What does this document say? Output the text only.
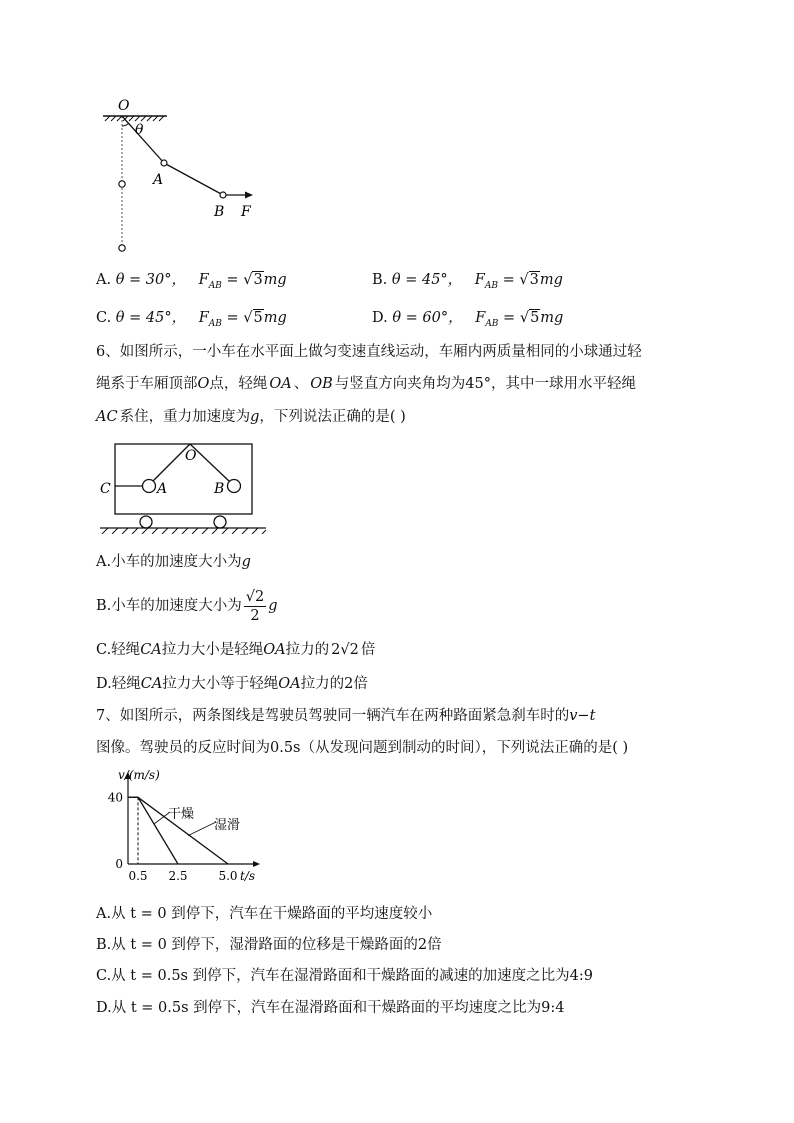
O
θ
A
B F
A. θ = 30°， $F_{AB} = √3mg$	B. θ = 45°， $F_{AB} = √3mg$
C. θ = 45°， $F_{AB} = √5mg$	D. θ = 60°， $F_{AB} = √5mg$
6、如图所示，一小车在水平面上做匀变速直线运动，车厢内两质量相同的小球通过轻
绳系于车厢顶部O点，轻绳 OA 、 OB 与竖直方向夹角均为45°，其中一球用水平轻绳
AC 系住，重力加速度为g，下列说法正确的是( )
O
A	B
C
A.小车的加速度大小为g
B.小车的加速度大小为 $\frac{√2}{2}$ g
C.轻绳CA拉力大小是轻绳OA拉力的 2√2 倍
D.轻绳CA拉力大小等于轻绳OA拉力的2倍
7、如图所示，两条图线是驾驶员驾驶同一辆汽车在两种路面紧急刹车时的v−t
图像。驾驶员的反应时间为0.5s（从发现问题到制动的时间），下列说法正确的是( )
0.5 2.5	5.0
0
40
v/(m/s)
t/s
干燥
湿滑
A.从 t = 0 到停下，汽车在干燥路面的平均速度较小
B.从 t = 0 到停下，湿滑路面的位移是干燥路面的2倍
C.从 t = 0.5s 到停下，汽车在湿滑路面和干燥路面的减速的加速度之比为4:9
D.从 t = 0.5s 到停下，汽车在湿滑路面和干燥路面的平均速度之比为9:4
